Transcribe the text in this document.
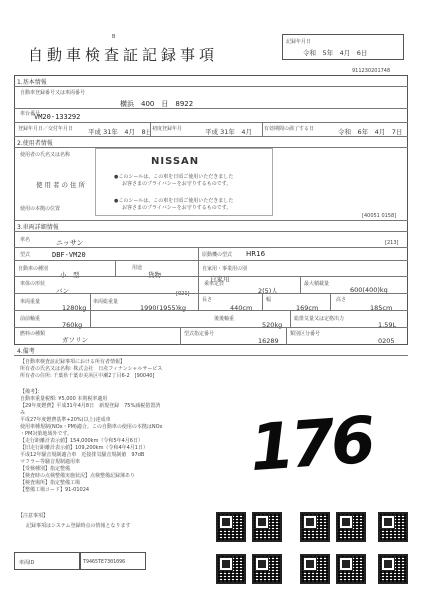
B
自動車検査証記録事項
記録年月日
令和　5年　4月　6日
911230201748
1.基本情報
自動車登録番号又は車両番号
横浜　400　日　8922
車台番号
VM20-133292
登録年月日／交付年月日 平成 31年　4月　8日 初度登録年月	平成 31年　4月 有効期間の満了する日	令和　6年　4月　7日
2.使用者情報
使用者の氏名又は名称
使用者の住所
使用の本拠の位置
NISSAN
●このシールは、この車を日頃ご使用いただきました
お客さまのプライバシーをお守りするものです。
●このシールは、この車を日頃ご使用いただきました
お客さまのプライバシーをお守りするものです。
[40051 0158]
3.車両詳細情報
車名	ニッサン	[213]
型式	DBF-VM20	原動機の型式 HR16
自動車の種別
小　型
用途
貨物
自家用・事業用の別
自家用
車体の形状
バン	[021]
乗車定員
2(5)人
最大積載量
600(400)kg
車両重量
1280kg
車両総重量
1990(1955)kg
長さ
440cm
幅
169cm
高さ
185cm
前前軸重
760kg
後後軸重
520kg
総排気量又は定格出力
1.59L
燃料の種類
ガソリン
型式指定番号
16289
類別区分番号
0205
4.備考
【自動車検査証記録事項における所有者情報】
所有者の氏名又は名称: 株式会社　日産フィナンシャルサービス
所有者の住所: 千葉県千葉市美浜区中瀬2丁目6-2　[90040]
【備考】：
自動車重量税額: ¥5,000 本則税率適用
【29年度燃費】平成31年4月8日　新規登録　75%減税措置済
み
平成27年度燃費基準+20%(以上)達成車
使用車種規制(NOx・PM)適合。この自動車の使用の本拠はNOx
・PM対策地域外です。
【走行距離計表示値】154,000km（令和5年4月6日）
【旧走行距離計表示値】109,200km（令和4年4月1日）
平成12年騒音規制適合車　近接排気騒音規制値　97dB
マフラー等騒音規制適用車
【受検種別】指定整備
【検査時の点検整備実施状況】点検整備記録簿あり
【検査場所】指定整備工場
【整備工場コード】91-01024
176
【注意事項】
記録事項はシステム登録時点の情報となります
車両ID	T9465TE7301096
